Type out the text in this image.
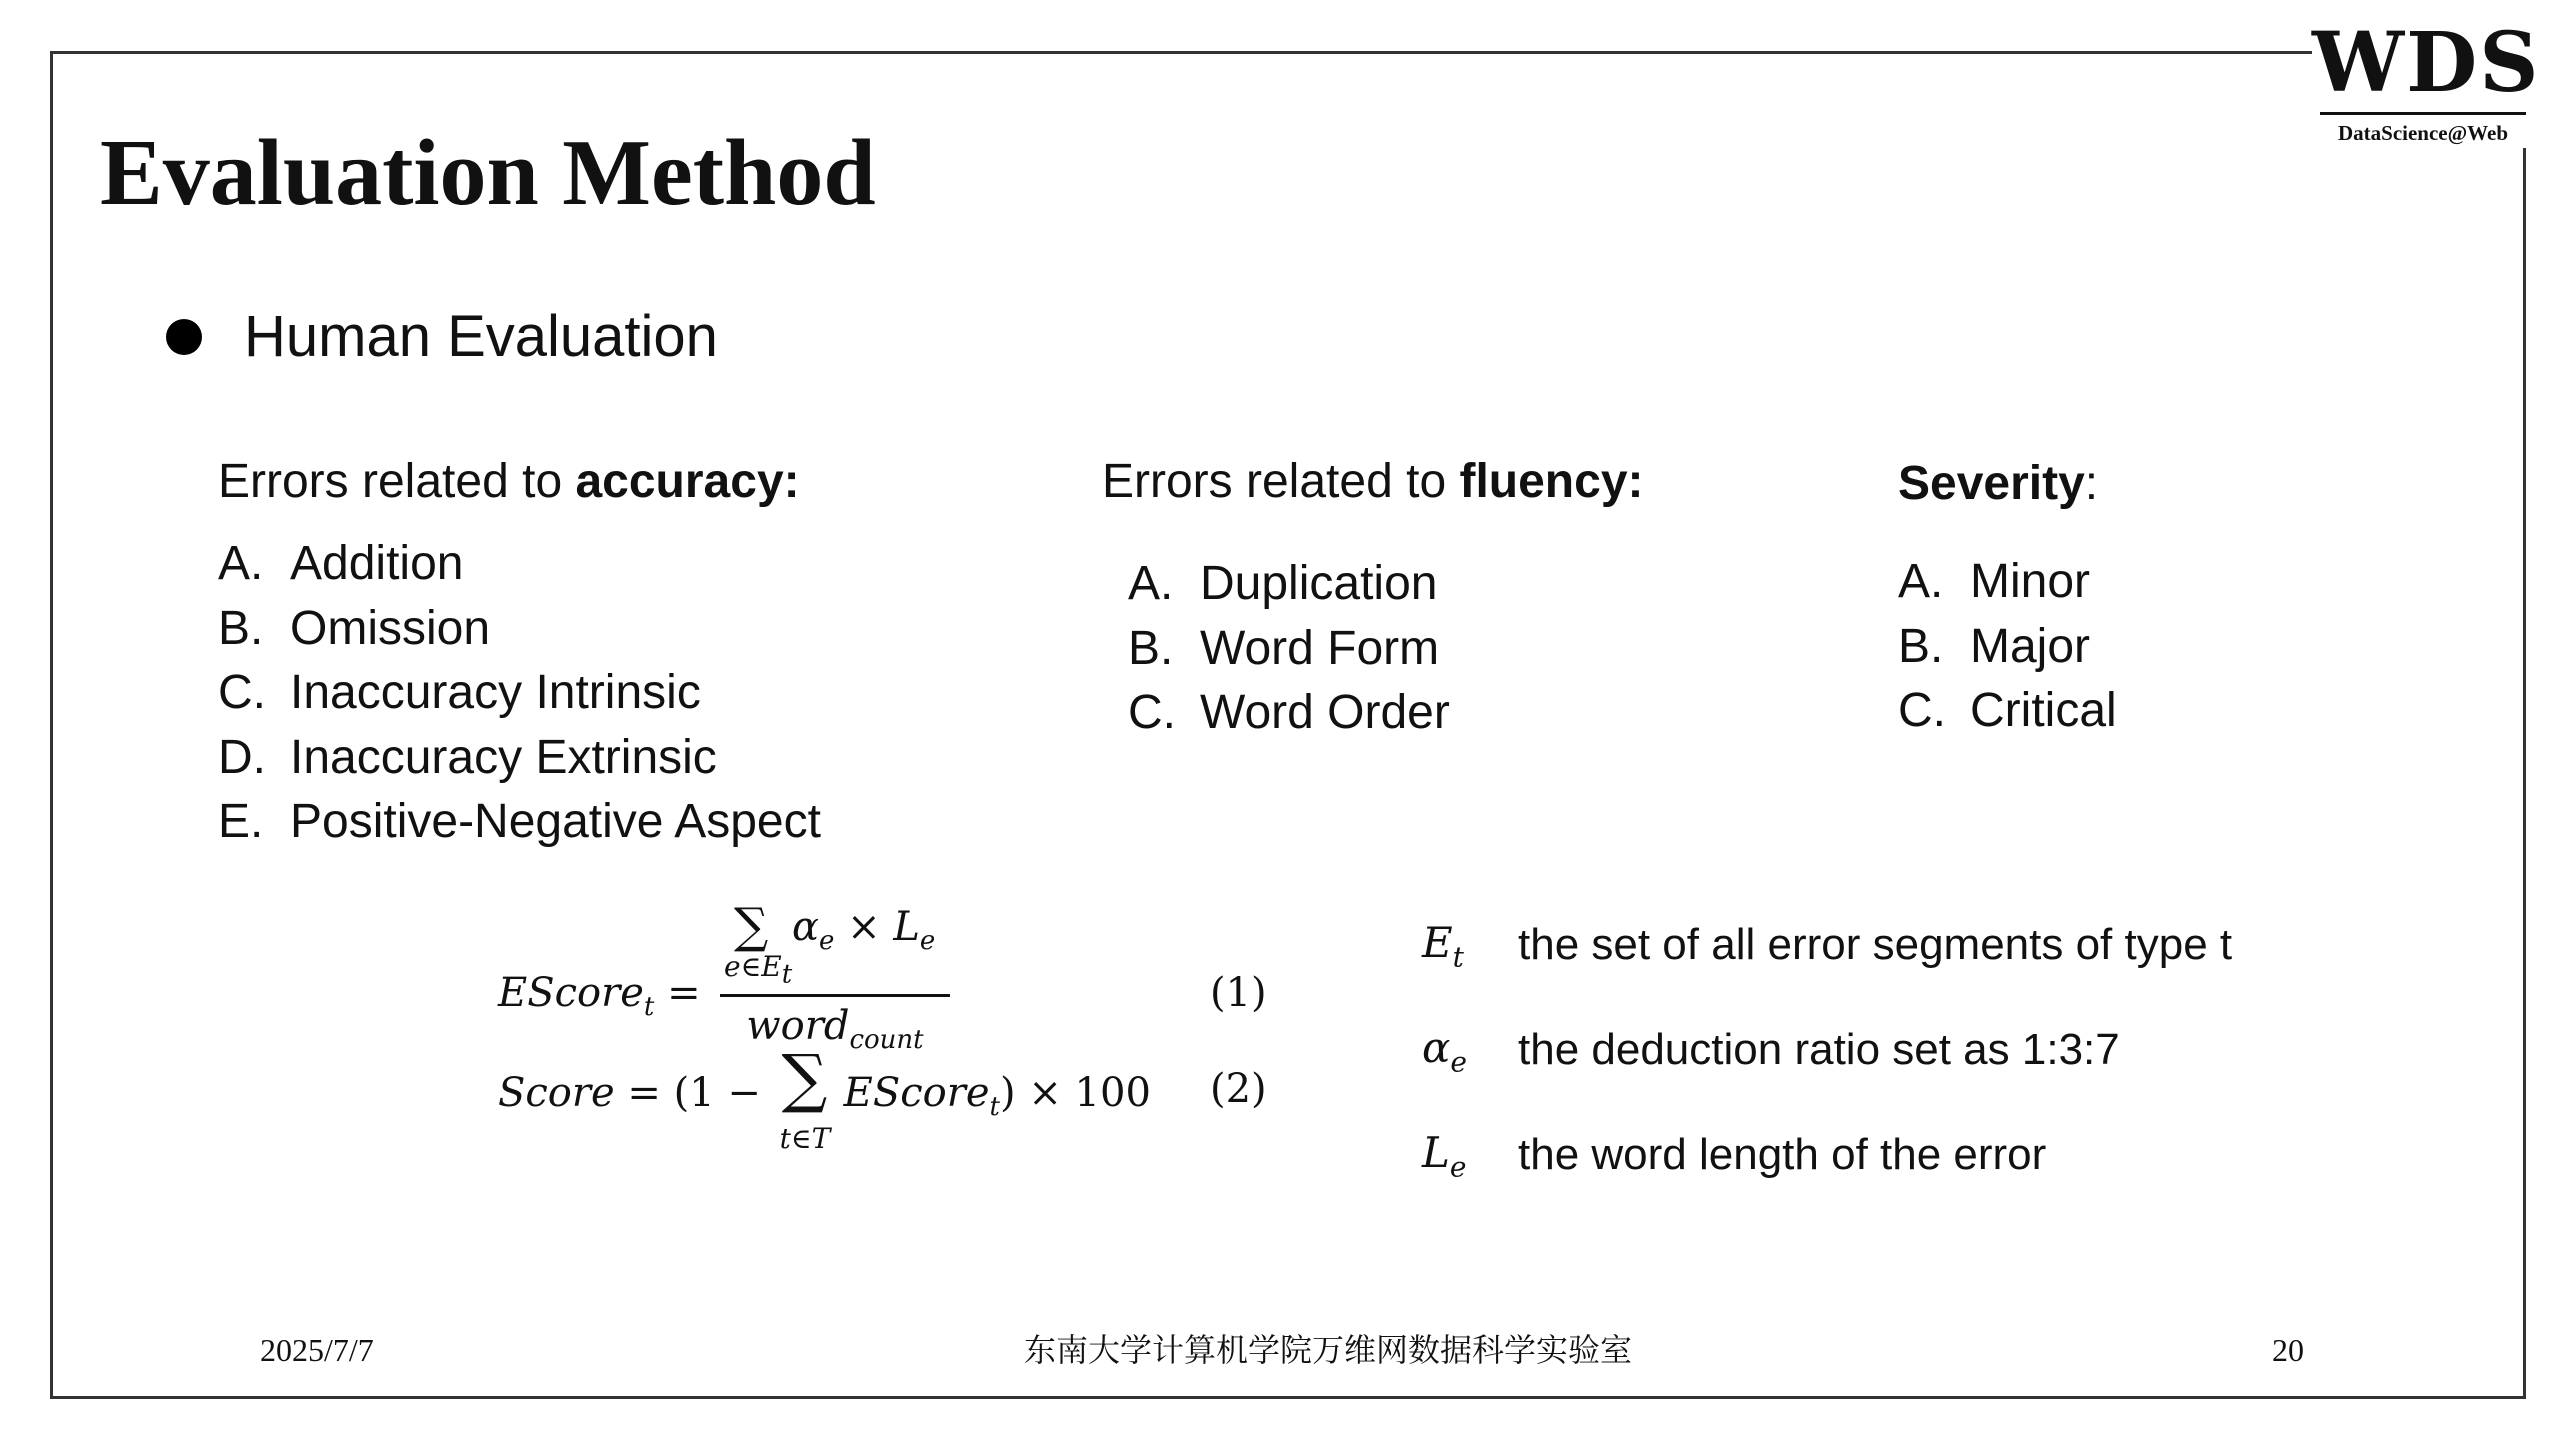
WDS
DataScience@Web
Evaluation Method
Human Evaluation

Errors related to accuracy:

A. Addition
B. Omission
C. Inaccuracy Intrinsic
D. Inaccuracy Extrinsic
E. Positive-Negative Aspect

Errors related to fluency:

A. Duplication
B. Word Form
C. Word Order

Severity:

A. Minor
B. Major
C. Critical
EScore$_t$ =
∑
$e\in E_t$
$\alpha_e \times L_e$
word$_{count}$
(1)
Score = (1 − ∑
t∈T
EScore$_t$) × 100 (2)
$E_t$ the set of all error segments of type t
$\alpha_e$ the deduction ratio set as 1:3:7
$L_e$ the word length of the error
2025/7/7	东南大学计算机学院万维网数据科学实验室	20
